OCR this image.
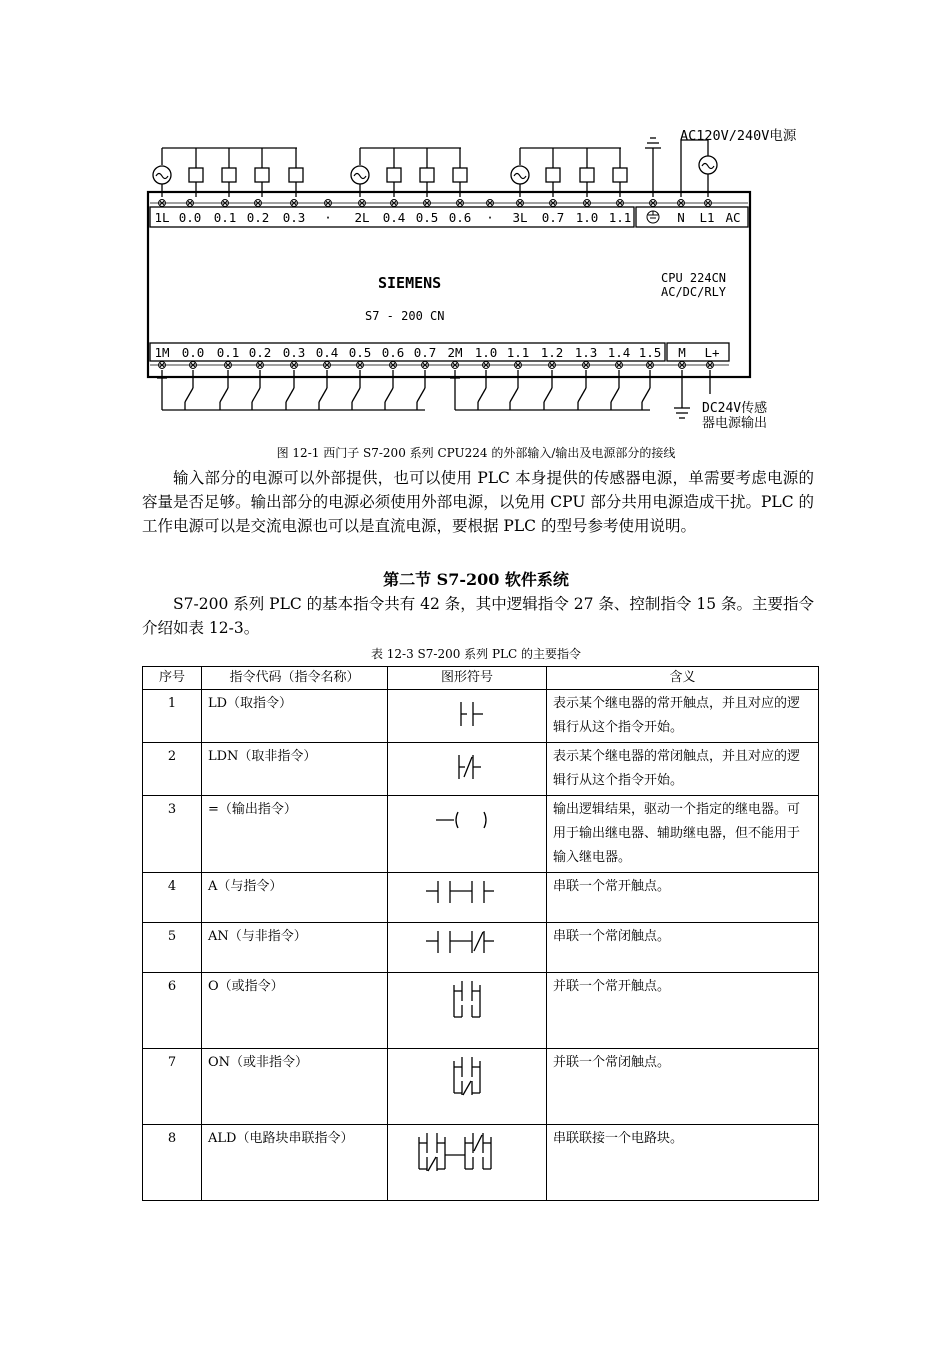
1L 0.0 0.1 0.2 0.3 · 2L 0.4 0.5 0.6 · 3L 0.7 1.0 1.1	N L1 AC
1M 0.0 0.1 0.2 0.3 0.4 0.5 0.6 0.7 2M 1.0 1.1 1.2 1.3 1.4 1.5 M L+
AC120V/240V电源
SIEMENS
S7 - 200 CN
CPU 224CN
AC/DC/RLY
DC24V传感
器电源输出
图 12-1 西门子 S7-200 系列 CPU224 的外部输入/输出及电源部分的接线

输入部分的电源可以外部提供，也可以使用 PLC 本身提供的传感器电源，单需要考虑电源的容量是否足够。输出部分的电源必须使用外部电源，以免用 CPU 部分共用电源造成干扰。PLC 的工作电源可以是交流电源也可以是直流电源，要根据 PLC 的型号参考使用说明。

第二节 S7-200 软件系统

S7-200 系列 PLC 的基本指令共有 42 条，其中逻辑指令 27 条、控制指令 15 条。主要指令介绍如表 12-3。

表 12-3 S7-200 系列 PLC 的主要指令
序号	指令代码（指令名称）	图形符号	含义
1	LD（取指令）		表示某个继电器的常开触点，并且对应的逻辑行从这个指令开始。
2	LDN（取非指令）		表示某个继电器的常闭触点，并且对应的逻辑行从这个指令开始。
3	=（输出指令）		输出逻辑结果，驱动一个指定的继电器。可用于输出继电器、辅助继电器，但不能用于输入继电器。
4	A（与指令）		串联一个常开触点。
5	AN（与非指令）		串联一个常闭触点。
6	O（或指令）		并联一个常开触点。
7	ON（或非指令）		并联一个常闭触点。
8	ALD（电路块串联指令）		串联联接一个电路块。
